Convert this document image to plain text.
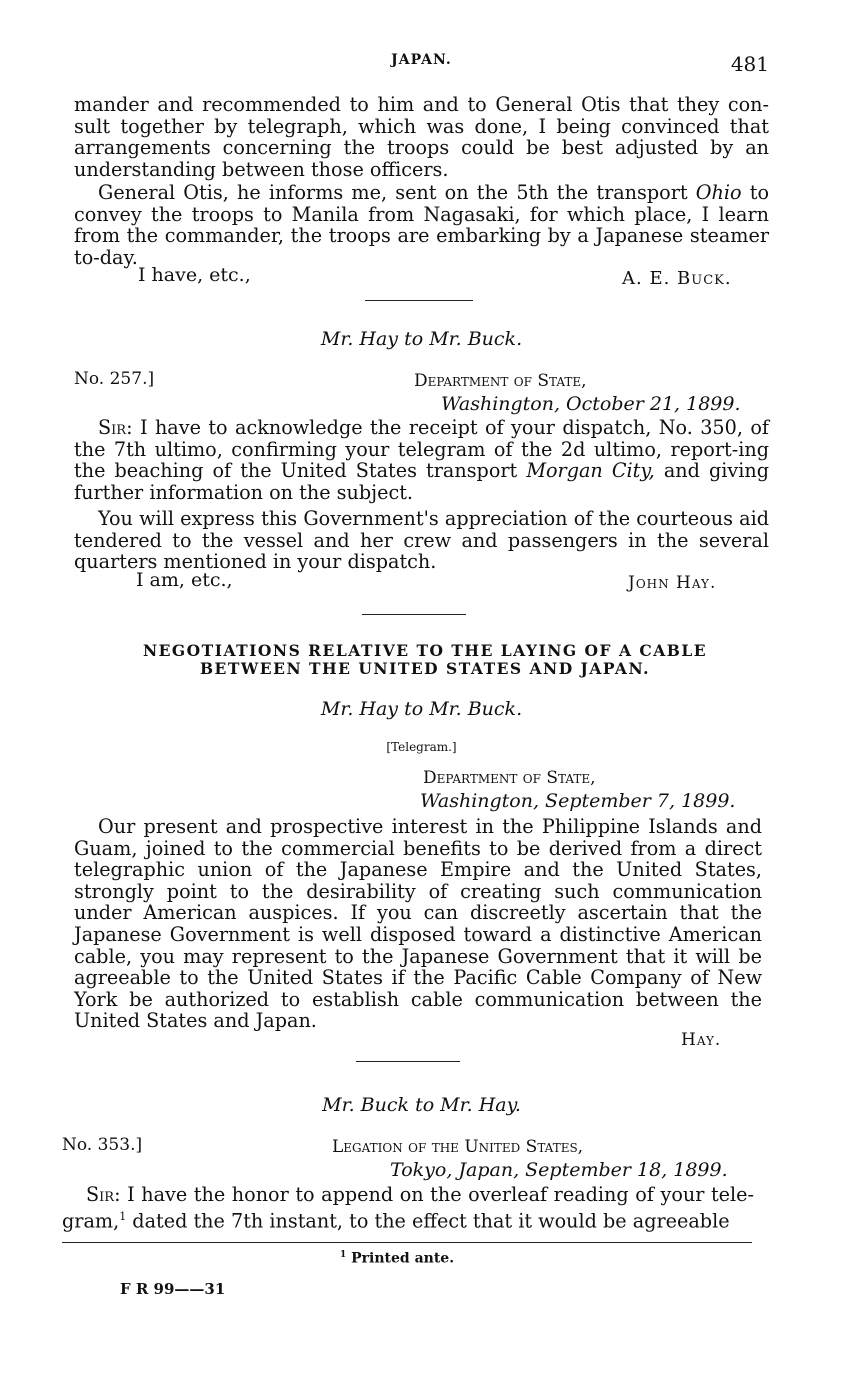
JAPAN.	481

mander and recommended to him and to General Otis that they con-

sult together by telegraph, which was done, I being convinced that

arrangements concerning the troops could be best adjusted by an

understanding between those officers.

General Otis, he informs me, sent on the 5th the transport Ohio to convey the troops to Manila from Nagasaki, for which place, I learn from the commander, the troops are embarking by a Japanese steamer to-day.
I have, etc.,	A. E. Buck.
Mr. Hay to Mr. Buck.
No. 257.]	Department of State,
Washington, October 21, 1899.
Sir: I have to acknowledge the receipt of your dispatch, No. 350, of the 7th ultimo, confirming your telegram of the 2d ultimo, report-ing the beaching of the United States transport Morgan City, and giving further information on the subject.
You will express this Government's appreciation of the courteous aid tendered to the vessel and her crew and passengers in the several quarters mentioned in your dispatch.
I am, etc.,	John Hay.
NEGOTIATIONS RELATIVE TO THE LAYING OF A CABLE
BETWEEN THE UNITED STATES AND JAPAN.
Mr. Hay to Mr. Buck.
[Telegram.]
Department of State,
Washington, September 7, 1899.
Our present and prospective interest in the Philippine Islands and Guam, joined to the commercial benefits to be derived from a direct telegraphic union of the Japanese Empire and the United States, strongly point to the desirability of creating such communication under American auspices. If you can discreetly ascertain that the Japanese Government is well disposed toward a distinctive American cable, you may represent to the Japanese Government that it will be agreeable to the United States if the Pacific Cable Company of New York be authorized to establish cable communication between the United States and Japan.
Hay.
Mr. Buck to Mr. Hay.
No. 353.]	Legation of the United States,
Tokyo, Japan, September 18, 1899.
Sir: I have the honor to append on the overleaf reading of your tele-gram,$^1$ dated the 7th instant, to the effect that it would be agreeable
$^1$ Printed ante.
F R 99——31
